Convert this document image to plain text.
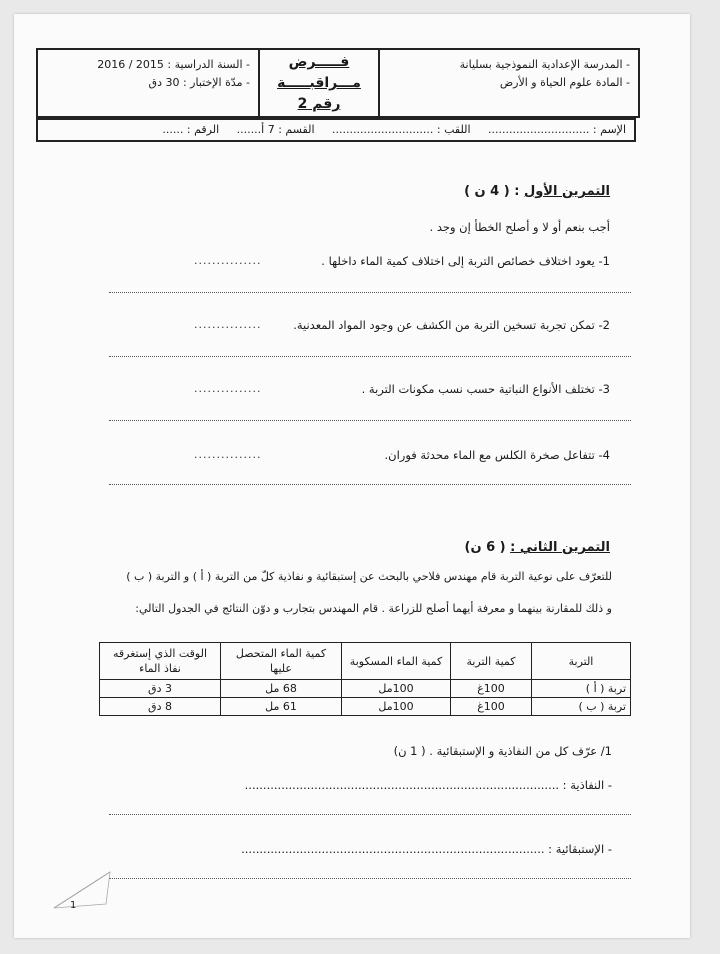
- المدرسة الإعدادية النموذجية بسليانة
- المادة علوم الحياة و الأرض
فـــــرض
مـــراقبـــــة
رقم 2
- السنة الدراسية : 2015 / 2016
- مدّة الإختبار : 30 دق
الإسم : ............................. اللقب : ............................. القسم : 7 أ....... الرقم : ......
التمرين الأول : ( 4 ن )
أجب بنعم أو لا و أصلح الخطأ إن وجد .
1- يعود اختلاف خصائص التربة إلى اختلاف كمية الماء داخلها .
...............
2- تمكن تجربة تسخين التربة من الكشف عن وجود المواد المعدنية.
...............
3- تختلف الأنواع النباتية حسب نسب مكونات التربة .
...............
4- تتفاعل صخرة الكلس مع الماء محدثة فوران.
...............
التمرين الثاني : ( 6 ن)
للتعرّف على نوعية التربة قام مهندس فلاحي بالبحث عن إستبقائية و نفاذية كلّ من التربة ( أ ) و التربة ( ب )
و ذلك للمقارنة بينهما و معرفة أيهما أصلح للزراعة . قام المهندس بتجارب و دوّن النتائج في الجدول التالي:
التربة	كمية التربة	كمية الماء المسكوبة	كمية الماء المتحصل عليها	الوقت الذي إستغرقه نفاذ الماء
تربة ( أ )	100غ	100مل	68 مل	3 دق
تربة ( ب )	100غ	100مل	61 مل	8 دق
1/ عرّف كل من النفاذية و الإستبقائية . ( 1 ن)
- النفاذية : ......................................................................................
- الإستبقائية : ...................................................................................
1
